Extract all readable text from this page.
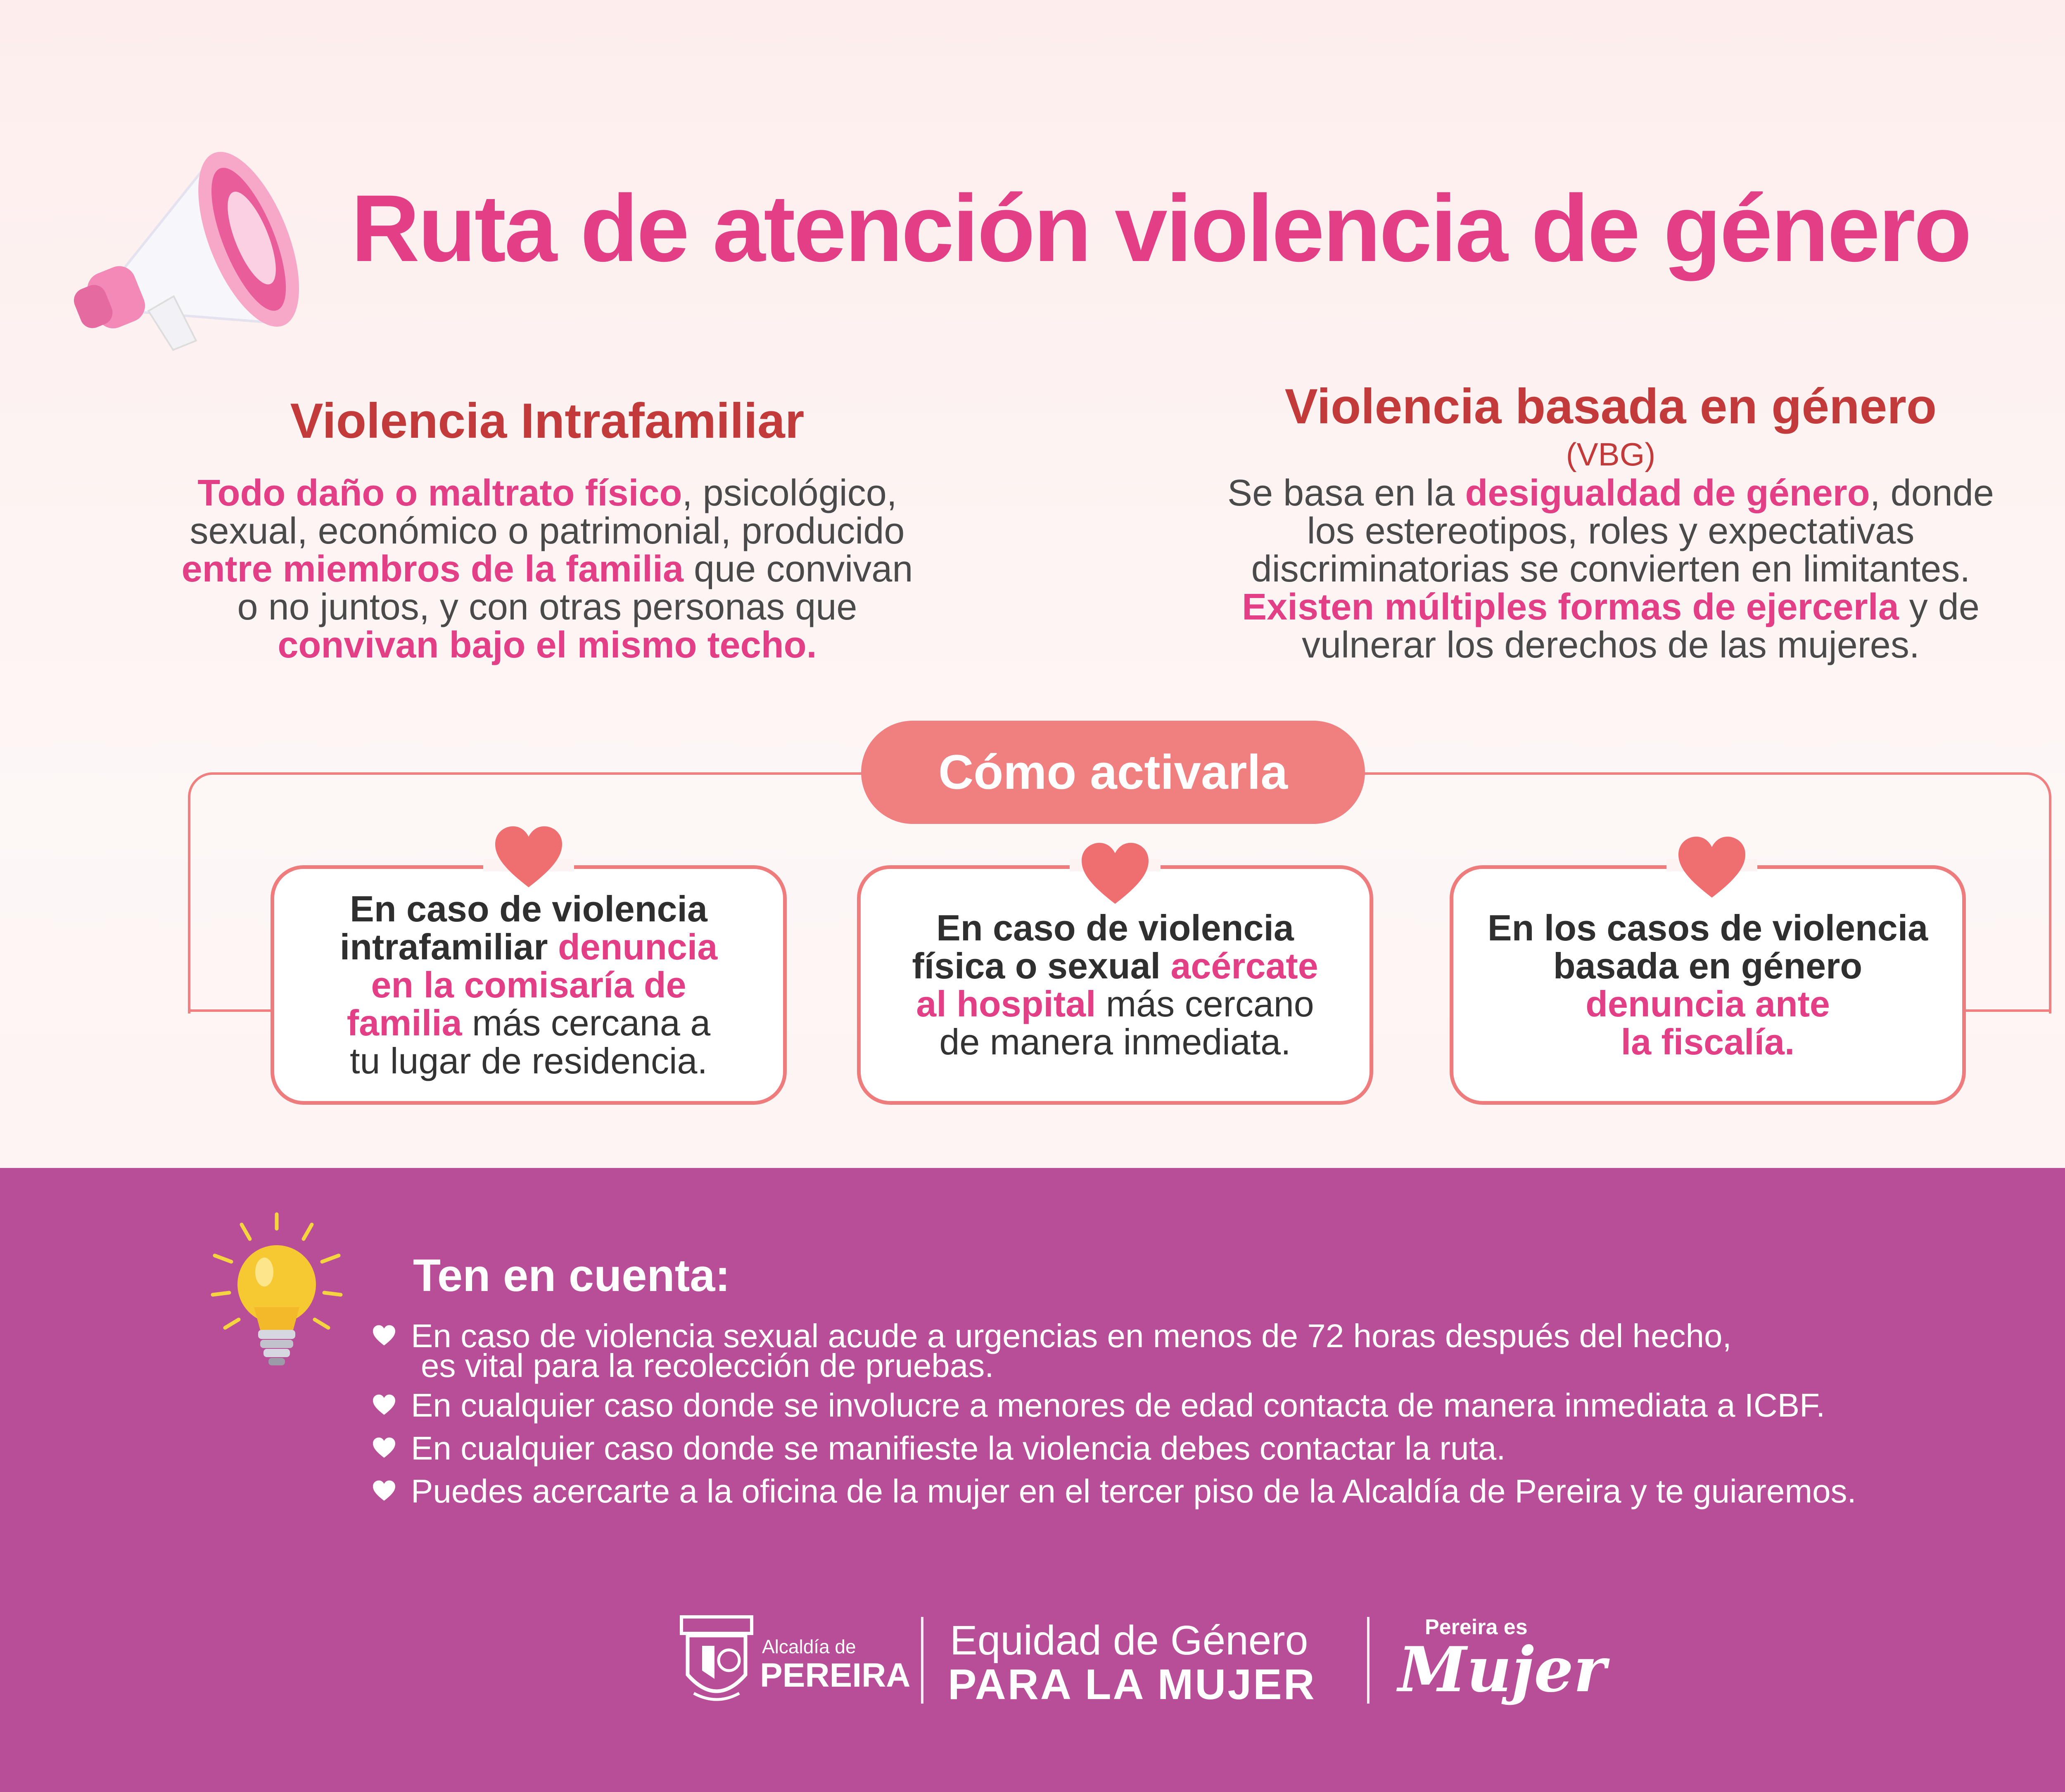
Ruta de atención violencia de género
Violencia Intrafamiliar
Todo daño o maltrato físico, psicológico,
sexual, económico o patrimonial, producido
entre miembros de la familia que convivan
o no juntos, y con otras personas que
convivan bajo el mismo techo.
Violencia basada en género
(VBG)
Se basa en la desigualdad de género, donde
los estereotipos, roles y expectativas
discriminatorias se convierten en limitantes.
Existen múltiples formas de ejercerla y de
vulnerar los derechos de las mujeres.
Cómo activarla
En caso de violencia
intrafamiliar denuncia
en la comisaría de
familia más cercana a
tu lugar de residencia.
En caso de violencia
física o sexual acércate
al hospital más cercano
de manera inmediata.
En los casos de violencia
basada en género
denuncia ante
la fiscalía.
Ten en cuenta:
En caso de violencia sexual acude a urgencias en menos de 72 horas después del hecho,
es vital para la recolección de pruebas.
En cualquier caso donde se involucre a menores de edad contacta de manera inmediata a ICBF.
En cualquier caso donde se manifieste la violencia debes contactar la ruta.
Puedes acercarte a la oficina de la mujer en el tercer piso de la Alcaldía de Pereira y te guiaremos.
Alcaldía de
PEREIRA
Equidad de Género
PARA LA MUJER
Pereira es
Mujer
